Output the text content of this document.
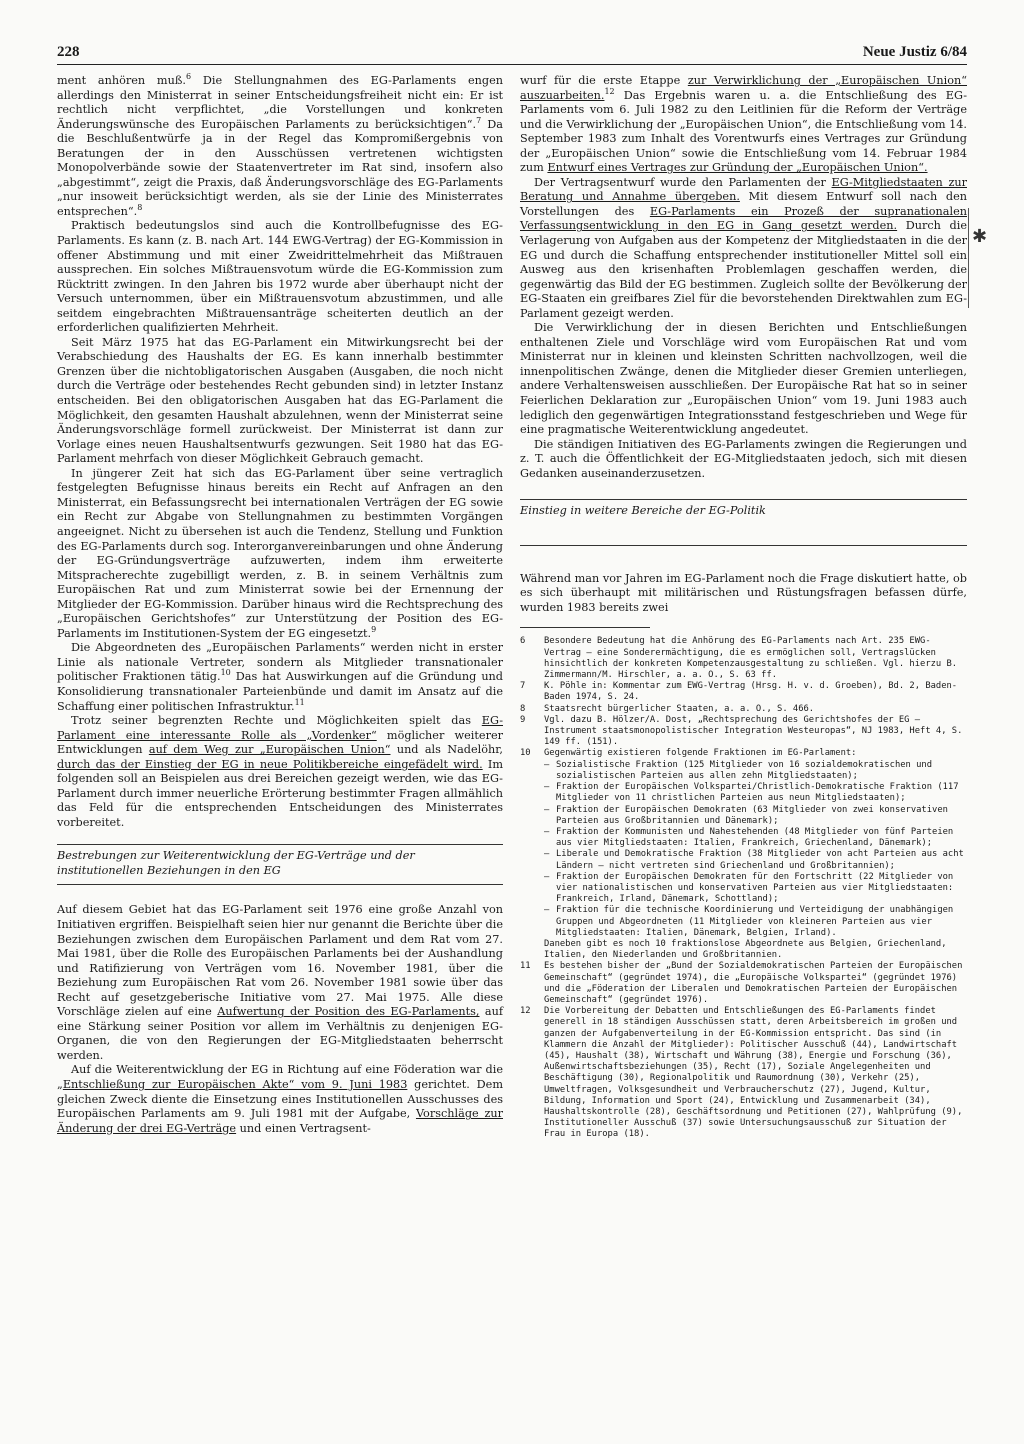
228	Neue Justiz 6/84

ment anhören muß.$^6$ Die Stellungnahmen des EG-Parlaments engen allerdings den Ministerrat in seiner Entscheidungsfreiheit nicht ein: Er ist rechtlich nicht verpflichtet, „die Vorstellungen und konkreten Änderungswünsche des Europäischen Parlaments zu berücksichtigen“.$^7$ Da die Beschlußentwürfe ja in der Regel das Kompromißergebnis von Beratungen der in den Ausschüssen vertretenen wichtigsten Monopolverbände sowie der Staatenvertreter im Rat sind, insofern also „abgestimmt“, zeigt die Praxis, daß Änderungsvorschläge des EG-Parlaments „nur insoweit berücksichtigt werden, als sie der Linie des Ministerrates entsprechen“.$^8$

Praktisch bedeutungslos sind auch die Kontrollbefugnisse des EG-Parlaments. Es kann (z. B. nach Art. 144 EWG-Vertrag) der EG-Kommission in offener Abstimmung und mit einer Zweidrittelmehrheit das Mißtrauen aussprechen. Ein solches Mißtrauensvotum würde die EG-Kommission zum Rücktritt zwingen. In den Jahren bis 1972 wurde aber überhaupt nicht der Versuch unternommen, über ein Mißtrauensvotum abzustimmen, und alle seitdem eingebrachten Mißtrauensanträge scheiterten deutlich an der erforderlichen qualifizierten Mehrheit.

Seit März 1975 hat das EG-Parlament ein Mitwirkungsrecht bei der Verabschiedung des Haushalts der EG. Es kann innerhalb bestimmter Grenzen über die nichtobligatorischen Ausgaben (Ausgaben, die noch nicht durch die Verträge oder bestehendes Recht gebunden sind) in letzter Instanz entscheiden. Bei den obligatorischen Ausgaben hat das EG-Parlament die Möglichkeit, den gesamten Haushalt abzulehnen, wenn der Ministerrat seine Änderungsvorschläge formell zurückweist. Der Ministerrat ist dann zur Vorlage eines neuen Haushaltsentwurfs gezwungen. Seit 1980 hat das EG-Parlament mehrfach von dieser Möglichkeit Gebrauch gemacht.

In jüngerer Zeit hat sich das EG-Parlament über seine vertraglich festgelegten Befugnisse hinaus bereits ein Recht auf Anfragen an den Ministerrat, ein Befassungsrecht bei internationalen Verträgen der EG sowie ein Recht zur Abgabe von Stellungnahmen zu bestimmten Vorgängen angeeignet. Nicht zu übersehen ist auch die Tendenz, Stellung und Funktion des EG-Parlaments durch sog. Interorganvereinbarungen und ohne Änderung der EG-Gründungsverträge aufzuwerten, indem ihm erweiterte Mitspracherechte zugebilligt werden, z. B. in seinem Verhältnis zum Europäischen Rat und zum Ministerrat sowie bei der Ernennung der Mitglieder der EG-Kommission. Darüber hinaus wird die Rechtsprechung des „Europäischen Gerichtshofes“ zur Unterstützung der Position des EG-Parlaments im Institutionen-System der EG eingesetzt.$^9$

Die Abgeordneten des „Europäischen Parlaments“ werden nicht in erster Linie als nationale Vertreter, sondern als Mitglieder transnationaler politischer Fraktionen tätig.$^{10}$ Das hat Auswirkungen auf die Gründung und Konsolidierung transnationaler Parteienbünde und damit im Ansatz auf die Schaffung einer politischen Infrastruktur.$^{11}$

Trotz seiner begrenzten Rechte und Möglichkeiten spielt das EG-Parlament eine interessante Rolle als „Vordenker“ möglicher weiterer Entwicklungen auf dem Weg zur „Europäischen Union“ und als Nadelöhr, durch das der Einstieg der EG in neue Politikbereiche eingefädelt wird. Im folgenden soll an Beispielen aus drei Bereichen gezeigt werden, wie das EG-Parlament durch immer neuerliche Erörterung bestimmter Fragen allmählich das Feld für die entsprechenden Entscheidungen des Ministerrates vorbereitet.

Bestrebungen zur Weiterentwicklung der EG-Verträge und der institutionellen Beziehungen in den EG

Auf diesem Gebiet hat das EG-Parlament seit 1976 eine große Anzahl von Initiativen ergriffen. Beispielhaft seien hier nur genannt die Berichte über die Beziehungen zwischen dem Europäischen Parlament und dem Rat vom 27. Mai 1981, über die Rolle des Europäischen Parlaments bei der Aushandlung und Ratifizierung von Verträgen vom 16. November 1981, über die Beziehung zum Europäischen Rat vom 26. November 1981 sowie über das Recht auf gesetzgeberische Initiative vom 27. Mai 1975. Alle diese Vorschläge zielen auf eine Aufwertung der Position des EG-Parlaments, auf eine Stärkung seiner Position vor allem im Verhältnis zu denjenigen EG-Organen, die von den Regierungen der EG-Mitgliedstaaten beherrscht werden.

Auf die Weiterentwicklung der EG in Richtung auf eine Föderation war die „Entschließung zur Europäischen Akte“ vom 9. Juni 1983 gerichtet. Dem gleichen Zweck diente die Einsetzung eines Institutionellen Ausschusses des Europäischen Parlaments am 9. Juli 1981 mit der Aufgabe, Vorschläge zur Änderung der drei EG-Verträge und einen Vertragsent-

wurf für die erste Etappe zur Verwirklichung der „Europäischen Union“ auszuarbeiten.$^{12}$ Das Ergebnis waren u. a. die Entschließung des EG-Parlaments vom 6. Juli 1982 zu den Leitlinien für die Reform der Verträge und die Verwirklichung der „Europäischen Union“, die Entschließung vom 14. September 1983 zum Inhalt des Vorentwurfs eines Vertrages zur Gründung der „Europäischen Union“ sowie die Entschließung vom 14. Februar 1984 zum Entwurf eines Vertrages zur Gründung der „Europäischen Union“.

Der Vertragsentwurf wurde den Parlamenten der EG-Mitgliedstaaten zur Beratung und Annahme übergeben. Mit diesem Entwurf soll nach den Vorstellungen des EG-Parlaments ein Prozeß der supranationalen Verfassungsentwicklung in den EG in Gang gesetzt werden. Durch die Verlagerung von Aufgaben aus der Kompetenz der Mitgliedstaaten in die der EG und durch die Schaffung entsprechender institutioneller Mittel soll ein Ausweg aus den krisenhaften Problemlagen geschaffen werden, die gegenwärtig das Bild der EG bestimmen. Zugleich sollte der Bevölkerung der EG-Staaten ein greifbares Ziel für die bevorstehenden Direktwahlen zum EG-Parlament gezeigt werden.

Die Verwirklichung der in diesen Berichten und Entschließungen enthaltenen Ziele und Vorschläge wird vom Europäischen Rat und vom Ministerrat nur in kleinen und kleinsten Schritten nachvollzogen, weil die innenpolitischen Zwänge, denen die Mitglieder dieser Gremien unterliegen, andere Verhaltensweisen ausschließen. Der Europäische Rat hat so in seiner Feierlichen Deklaration zur „Europäischen Union“ vom 19. Juni 1983 auch lediglich den gegenwärtigen Integrationsstand festgeschrieben und Wege für eine pragmatische Weiterentwicklung angedeutet.

Die ständigen Initiativen des EG-Parlaments zwingen die Regierungen und z. T. auch die Öffentlichkeit der EG-Mitgliedstaaten jedoch, sich mit diesen Gedanken auseinanderzusetzen.

Einstieg in weitere Bereiche der EG-Politik

Während man vor Jahren im EG-Parlament noch die Frage diskutiert hatte, ob es sich überhaupt mit militärischen und Rüstungsfragen befassen dürfe, wurden 1983 bereits zwei

6	Besondere Bedeutung hat die Anhörung des EG-Parlaments nach Art. 235 EWG-Vertrag – eine Sonderermächtigung, die es ermöglichen soll, Vertragslücken hinsichtlich der konkreten Kompetenzausgestaltung zu schließen. Vgl. hierzu B. Zimmermann/M. Hirschler, a. a. O., S. 63 ff.
7	K. Pöhle in: Kommentar zum EWG-Vertrag (Hrsg. H. v. d. Groeben), Bd. 2, Baden-Baden 1974, S. 24.
8	Staatsrecht bürgerlicher Staaten, a. a. O., S. 466.
9	Vgl. dazu B. Hölzer/A. Dost, „Rechtsprechung des Gerichtshofes der EG – Instrument staatsmonopolistischer Integration Westeuropas“, NJ 1983, Heft 4, S. 149 ff. (151).
10	Gegenwärtig existieren folgende Fraktionen im EG-Parlament:
– Sozialistische Fraktion (125 Mitglieder von 16 sozialdemokratischen und sozialistischen Parteien aus allen zehn Mitgliedstaaten);
– Fraktion der Europäischen Volkspartei/Christlich-Demokratische Fraktion (117 Mitglieder von 11 christlichen Parteien aus neun Mitgliedstaaten);
– Fraktion der Europäischen Demokraten (63 Mitglieder von zwei konservativen Parteien aus Großbritannien und Dänemark);
– Fraktion der Kommunisten und Nahestehenden (48 Mitglieder von fünf Parteien aus vier Mitgliedstaaten: Italien, Frankreich, Griechenland, Dänemark);
– Liberale und Demokratische Fraktion (38 Mitglieder von acht Parteien aus acht Ländern – nicht vertreten sind Griechenland und Großbritannien);
– Fraktion der Europäischen Demokraten für den Fortschritt (22 Mitglieder von vier nationalistischen und konservativen Parteien aus vier Mitgliedstaaten: Frankreich, Irland, Dänemark, Schottland);
– Fraktion für die technische Koordinierung und Verteidigung der unabhängigen Gruppen und Abgeordneten (11 Mitglieder von kleineren Parteien aus vier Mitgliedstaaten: Italien, Dänemark, Belgien, Irland).
Daneben gibt es noch 10 fraktionslose Abgeordnete aus Belgien, Griechenland, Italien, den Niederlanden und Großbritannien.
11	Es bestehen bisher der „Bund der Sozialdemokratischen Parteien der Europäischen Gemeinschaft“ (gegründet 1974), die „Europäische Volkspartei“ (gegründet 1976) und die „Föderation der Liberalen und Demokratischen Parteien der Europäischen Gemeinschaft“ (gegründet 1976).
12	Die Vorbereitung der Debatten und Entschließungen des EG-Parlaments findet generell in 18 ständigen Ausschüssen statt, deren Arbeitsbereich im großen und ganzen der Aufgabenverteilung in der EG-Kommission entspricht. Das sind (in Klammern die Anzahl der Mitglieder): Politischer Ausschuß (44), Landwirtschaft (45), Haushalt (38), Wirtschaft und Währung (38), Energie und Forschung (36), Außenwirtschaftsbeziehungen (35), Recht (17), Soziale Angelegenheiten und Beschäftigung (30), Regionalpolitik und Raumordnung (30), Verkehr (25), Umweltfragen, Volksgesundheit und Verbraucherschutz (27), Jugend, Kultur, Bildung, Information und Sport (24), Entwicklung und Zusammenarbeit (34), Haushaltskontrolle (28), Geschäftsordnung und Petitionen (27), Wahlprüfung (9), Institutioneller Ausschuß (37) sowie Untersuchungsausschuß zur Situation der Frau in Europa (18).
✱
